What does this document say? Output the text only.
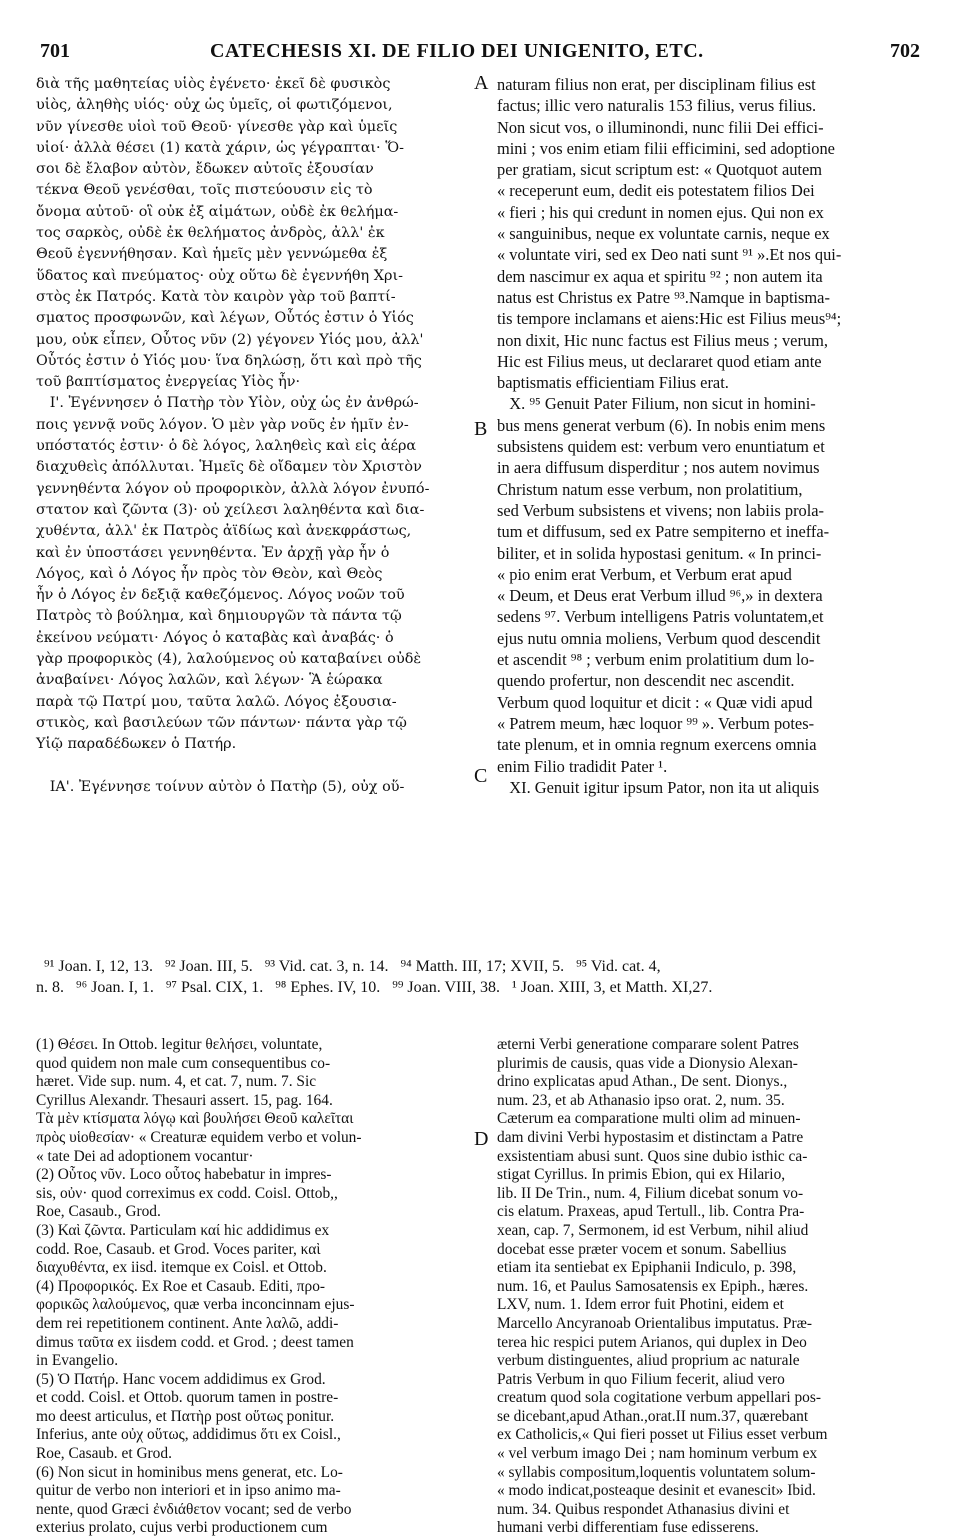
701	CATECHESIS XI. DE FILIO DEI UNIGENITO, ETC.	702
διὰ τῆς μαθητείας υἱὸς ἐγένετο· ἐκεῖ δὲ φυσικὸς
υἱὸς, ἀληθὴς υἱός· οὐχ ὡς ὑμεῖς, οἱ φωτιζόμενοι,
νῦν γίνεσθε υἱοὶ τοῦ Θεοῦ· γίνεσθε γὰρ καὶ ὑμεῖς
υἱοί· ἀλλὰ θέσει (1) κατὰ χάριν, ὡς γέγραπται· Ὅ-
σοι δὲ ἔλαβον αὐτὸν, ἔδωκεν αὐτοῖς ἐξουσίαν
τέκνα Θεοῦ γενέσθαι, τοῖς πιστεύουσιν εἰς τὸ
ὄνομα αὐτοῦ· οἳ οὐκ ἐξ αἱμάτων, οὐδὲ ἐκ θελήμα-
τος σαρκὸς, οὐδὲ ἐκ θελήματος ἀνδρὸς, ἀλλ' ἐκ
Θεοῦ ἐγεννήθησαν. Καὶ ἡμεῖς μὲν γεννώμεθα ἐξ
ὕδατος καὶ πνεύματος· οὐχ οὕτω δὲ ἐγεννήθη Χρι-
στὸς ἐκ Πατρός. Κατὰ τὸν καιρὸν γὰρ τοῦ βαπτί-
σματος προσφωνῶν, καὶ λέγων, Οὗτός ἐστιν ὁ Υἱός
μου, οὐκ εἶπεν, Οὗτος νῦν (2) γέγονεν Υἱός μου, ἀλλ'
Οὗτός ἐστιν ὁ Υἱός μου· ἵνα δηλώσῃ, ὅτι καὶ πρὸ τῆς
τοῦ βαπτίσματος ἐνεργείας Υἱὸς ἦν·
Ι'. Ἐγέννησεν ὁ Πατὴρ τὸν Υἱὸν, οὐχ ὡς ἐν ἀνθρώ-
ποις γεννᾷ νοῦς λόγον. Ὁ μὲν γὰρ νοῦς ἐν ἡμῖν ἐν-
υπόστατός ἐστιν· ὁ δὲ λόγος, λαληθεὶς καὶ εἰς ἀέρα
διαχυθεὶς ἀπόλλυται. Ἡμεῖς δὲ οἴδαμεν τὸν Χριστὸν
γεννηθέντα λόγον οὐ προφορικὸν, ἀλλὰ λόγον ἐνυπό-
στατον καὶ ζῶντα (3)· οὐ χείλεσι λαληθέντα καὶ δια-
χυθέντα, ἀλλ' ἐκ Πατρὸς ἀϊδίως καὶ ἀνεκφράστως,
καὶ ἐν ὑποστάσει γεννηθέντα. Ἐν ἀρχῇ γὰρ ἦν ὁ
Λόγος, καὶ ὁ Λόγος ἦν πρὸς τὸν Θεὸν, καὶ Θεὸς
ἦν ὁ Λόγος ἐν δεξιᾷ καθεζόμενος. Λόγος νοῶν τοῦ
Πατρὸς τὸ βούλημα, καὶ δημιουργῶν τὰ πάντα τῷ
ἐκείνου νεύματι· Λόγος ὁ καταβὰς καὶ ἀναβάς· ὁ
γὰρ προφορικὸς (4), λαλούμενος οὐ καταβαίνει οὐδὲ
ἀναβαίνει· Λόγος λαλῶν, καὶ λέγων· Ἃ ἑώρακα
παρὰ τῷ Πατρί μου, ταῦτα λαλῶ. Λόγος ἐξουσια-
στικὸς, καὶ βασιλεύων τῶν πάντων· πάντα γὰρ τῷ
Υἱῷ παραδέδωκεν ὁ Πατήρ.

ΙΑ'. Ἐγέννησε τοίνυν αὐτὸν ὁ Πατὴρ (5), οὐχ οὕ-
naturam filius non erat, per disciplinam filius est
factus; illic vero naturalis 153 filius, verus filius.
Non sicut vos, o illuminondi, nunc filii Dei effici-
mini ; vos enim etiam filii efficimini, sed adoptione
per gratiam, sicut scriptum est: « Quotquot autem
« receperunt eum, dedit eis potestatem filios Dei
« fieri ; his qui credunt in nomen ejus. Qui non ex
« sanguinibus, neque ex voluntate carnis, neque ex
« voluntate viri, sed ex Deo nati sunt ⁹¹ ».Et nos qui-
dem nascimur ex aqua et spiritu ⁹² ; non autem ita
natus est Christus ex Patre ⁹³.Namque in baptisma-
tis tempore inclamans et aiens:Hic est Filius meus⁹⁴;
non dixit, Hic nunc factus est Filius meus ; verum,
Hic est Filius meus, ut declararet quod etiam ante
baptismatis efficientiam Filius erat.
X. ⁹⁵ Genuit Pater Filium, non sicut in homini-
bus mens generat verbum (6). In nobis enim mens
subsistens quidem est: verbum vero enuntiatum et
in aera diffusum disperditur ; nos autem novimus
Christum natum esse verbum, non prolatitium,
sed Verbum subsistens et vivens; non labiis prola-
tum et diffusum, sed ex Patre sempiterno et ineffa-
biliter, et in solida hypostasi genitum. « In princi-
« pio enim erat Verbum, et Verbum erat apud
« Deum, et Deus erat Verbum illud ⁹⁶,» in dextera
sedens ⁹⁷. Verbum intelligens Patris voluntatem,et
ejus nutu omnia moliens, Verbum quod descendit
et ascendit ⁹⁸ ; verbum enim prolatitium dum lo-
quendo profertur, non descendit nec ascendit.
Verbum quod loquitur et dicit : « Quæ vidi apud
« Patrem meum, hæc loquor ⁹⁹ ». Verbum potes-
tate plenum, et in omnia regnum exercens omnia
enim Filio tradidit Pater ¹.
XI. Genuit igitur ipsum Pator, non ita ut aliquis
A
B
C
D
⁹¹ Joan. I, 12, 13.   ⁹² Joan. III, 5.   ⁹³ Vid. cat. 3, n. 14.   ⁹⁴ Matth. III, 17; XVII, 5.   ⁹⁵ Vid. cat. 4,
n. 8.   ⁹⁶ Joan. I, 1.   ⁹⁷ Psal. CIX, 1.   ⁹⁸ Ephes. IV, 10.   ⁹⁹ Joan. VIII, 38.   ¹ Joan. XIII, 3, et Matth. XI,27.
(1) Θέσει. In Ottob. legitur θελήσει, voluntate,
quod quidem non male cum consequentibus co-
hæret. Vide sup. num. 4, et cat. 7, num. 7. Sic
Cyrillus Alexandr. Thesauri assert. 15, pag. 164.
Τὰ μὲν κτίσματα λόγῳ καὶ βουλήσει Θεοῦ καλεῖται
πρὸς υἱοθεσίαν· « Creaturæ equidem verbo et volun-
« tate Dei ad adoptionem vocantur·
(2) Οὗτος νῦν. Loco οὗτος habebatur in impres-
sis, οὐν· quod correximus ex codd. Coisl. Ottob,,
Roe, Casaub., Grod.
(3) Καὶ ζῶντα. Particulam καί hic addidimus ex
codd. Roe, Casaub. et Grod. Voces pariter, καὶ
διαχυθέντα, ex iisd. itemque ex Coisl. et Ottob.
(4) Προφορικός. Ex Roe et Casaub. Editi, προ-
φορικῶς λαλούμενος, quæ verba inconcinnam ejus-
dem rei repetitionem continent. Ante λαλῶ, addi-
dimus ταῦτα ex iisdem codd. et Grod. ; deest tamen
in Evangelio.
(5) Ὁ Πατήρ. Hanc vocem addidimus ex Grod.
et codd. Coisl. et Ottob. quorum tamen in postre-
mo deest articulus, et Πατὴρ post οὕτως ponitur.
Inferius, ante οὐχ οὕτως, addidimus ὅτι ex Coisl.,
Roe, Casaub. et Grod.
(6) Non sicut in hominibus mens generat, etc. Lo-
quitur de verbo non interiori et in ipso animo ma-
nente, quod Græci ἐνδιάθετον vocant; sed de verbo
exterius prolato, cujus verbi productionem cum
æterni Verbi generatione comparare solent Patres
plurimis de causis, quas vide a Dionysio Alexan-
drino explicatas apud Athan., De sent. Dionys.,
num. 23, et ab Athanasio ipso orat. 2, num. 35.
Cæterum ea comparatione multi olim ad minuen-
dam divini Verbi hypostasim et distinctam a Patre
exsistentiam abusi sunt. Quos sine dubio isthic ca-
stigat Cyrillus. In primis Ebion, qui ex Hilario,
lib. II De Trin., num. 4, Filium dicebat sonum vo-
cis elatum. Praxeas, apud Tertull., lib. Contra Pra-
xean, cap. 7, Sermonem, id est Verbum, nihil aliud
docebat esse præter vocem et sonum. Sabellius
etiam ita sentiebat ex Epiphanii Indiculo, p. 398,
num. 16, et Paulus Samosatensis ex Epiph., hæres.
LXV, num. 1. Idem error fuit Photini, eidem et
Marcello Ancyranoab Orientalibus imputatus. Præ-
terea hic respici putem Arianos, qui duplex in Deo
verbum distinguentes, aliud proprium ac naturale
Patris Verbum in quo Filium fecerit, aliud vero
creatum quod sola cogitatione verbum appellari pos-
se dicebant,apud Athan.,orat.II num.37, quærebant
ex Catholicis,« Qui fieri posset ut Filius esset verbum
« vel verbum imago Dei ; nam hominum verbum ex
« syllabis compositum,loquentis voluntatem solum-
« modo indicat,posteaque desinit et evanescit» Ibid.
num. 34. Quibus respondet Athanasius divini et
humani verbi differentiam fuse edisserens.
